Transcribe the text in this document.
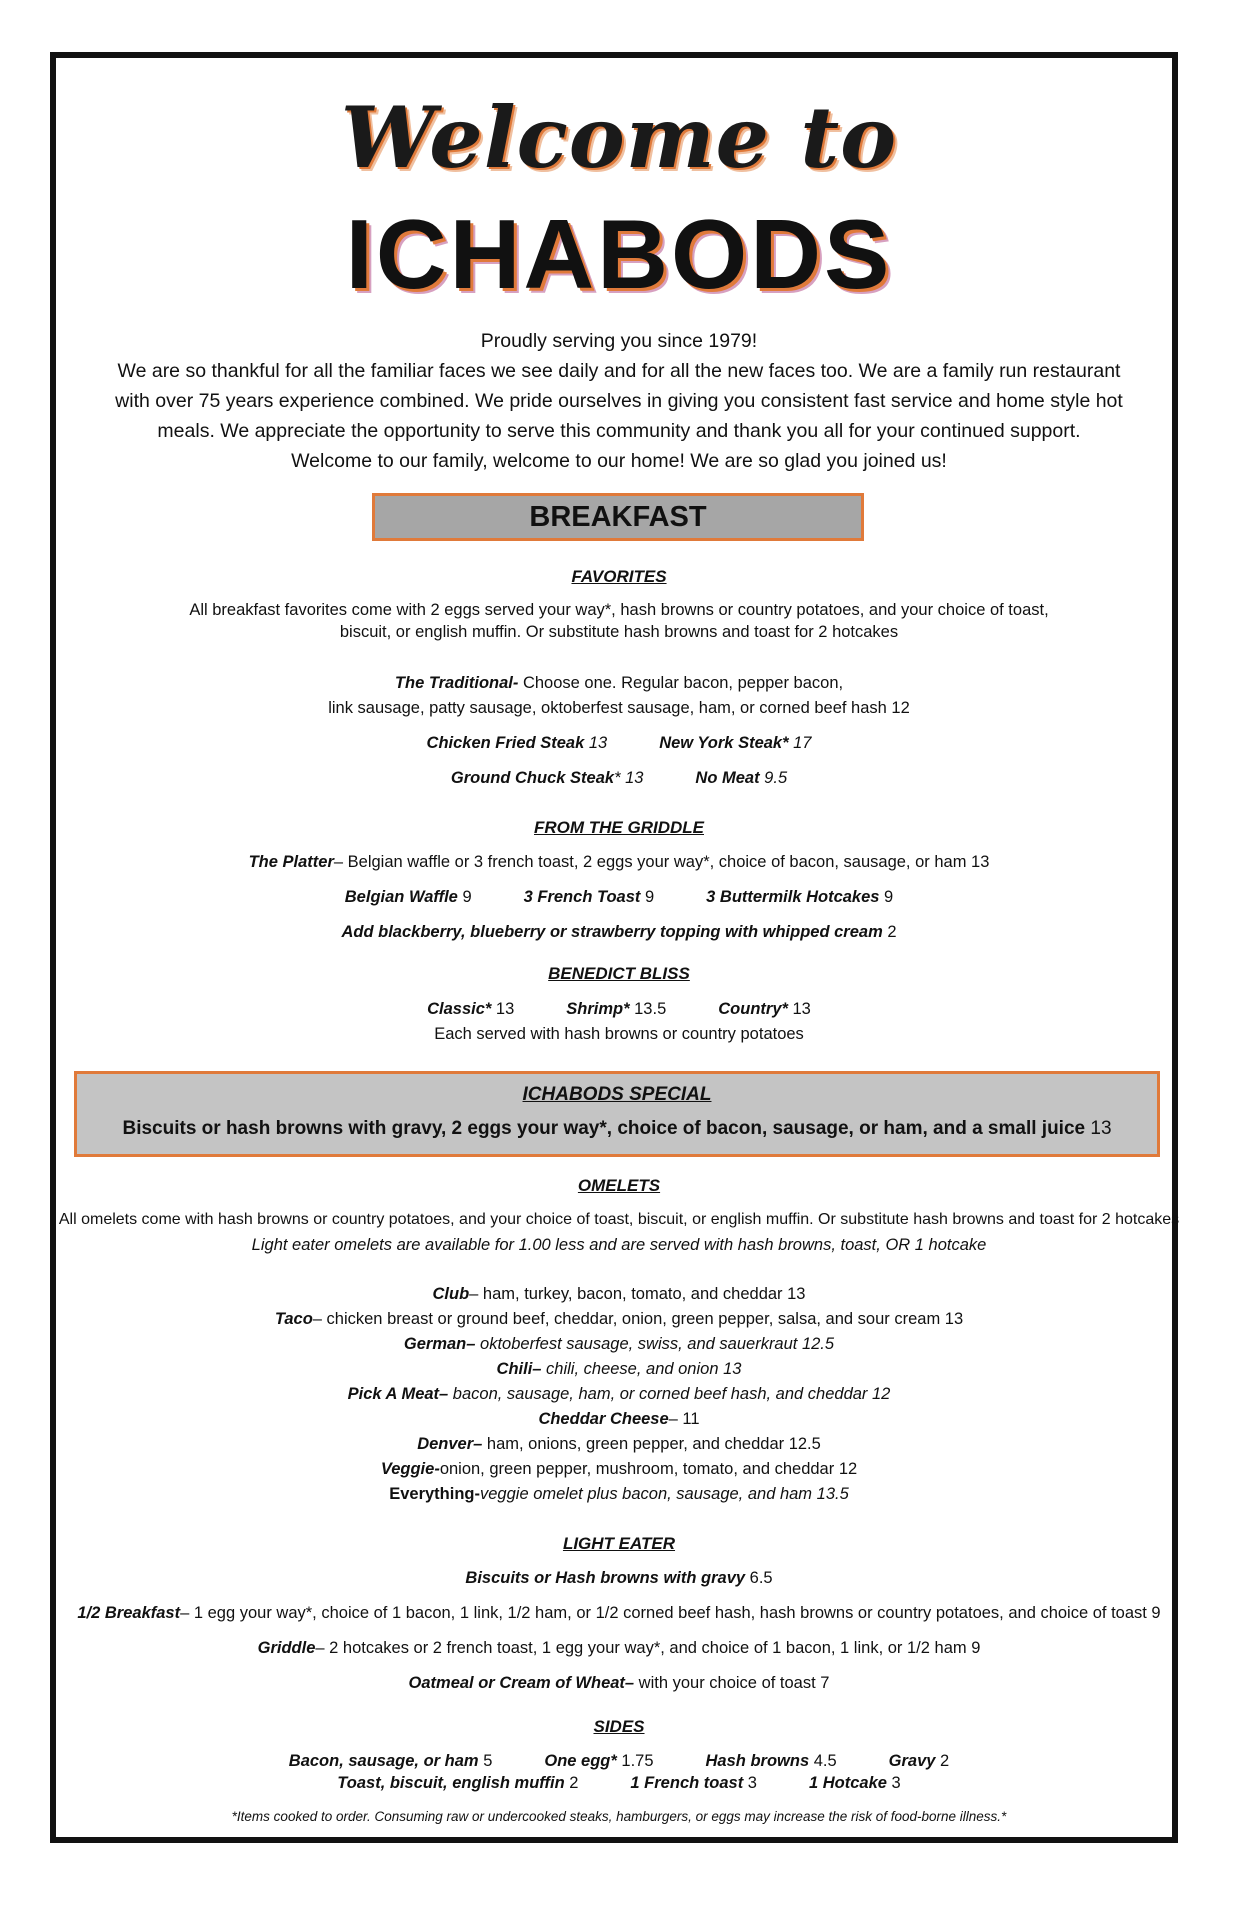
Welcome to
ICHABODS
Proudly serving you since 1979!
We are so thankful for all the familiar faces we see daily and for all the new faces too. We are a family run restaurant
with over 75 years experience combined. We pride ourselves in giving you consistent fast service and home style hot
meals. We appreciate the opportunity to serve this community and thank you all for your continued support.
Welcome to our family, welcome to our home! We are so glad you joined us!
BREAKFAST
FAVORITES
All breakfast favorites come with 2 eggs served your way*, hash browns or country potatoes, and your choice of toast,
biscuit, or english muffin. Or substitute hash browns and toast for 2 hotcakes
The Traditional- Choose one. Regular bacon, pepper bacon,
link sausage, patty sausage, oktoberfest sausage, ham, or corned beef hash 12
Chicken Fried Steak 13	New York Steak* 17
Ground Chuck Steak* 13	No Meat 9.5
FROM THE GRIDDLE
The Platter– Belgian waffle or 3 french toast, 2 eggs your way*, choice of bacon, sausage, or ham 13
Belgian Waffle 9	3 French Toast 9	3 Buttermilk Hotcakes 9
Add blackberry, blueberry or strawberry topping with whipped cream 2
BENEDICT BLISS
Classic* 13	Shrimp* 13.5	Country* 13
Each served with hash browns or country potatoes
ICHABODS SPECIAL
Biscuits or hash browns with gravy, 2 eggs your way*, choice of bacon, sausage, or ham, and a small juice 13
OMELETS
All omelets come with hash browns or country potatoes, and your choice of toast, biscuit, or english muffin. Or substitute hash browns and toast for 2 hotcakes
Light eater omelets are available for 1.00 less and are served with hash browns, toast, OR 1 hotcake
Club– ham, turkey, bacon, tomato, and cheddar 13
Taco– chicken breast or ground beef, cheddar, onion, green pepper, salsa, and sour cream 13
German– oktoberfest sausage, swiss, and sauerkraut 12.5
Chili– chili, cheese, and onion 13
Pick A Meat– bacon, sausage, ham, or corned beef hash, and cheddar 12
Cheddar Cheese– 11
Denver– ham, onions, green pepper, and cheddar 12.5
Veggie-onion, green pepper, mushroom, tomato, and cheddar 12
Everything-veggie omelet plus bacon, sausage, and ham 13.5
LIGHT EATER
Biscuits or Hash browns with gravy 6.5
1/2 Breakfast– 1 egg your way*, choice of 1 bacon, 1 link, 1/2 ham, or 1/2 corned beef hash, hash browns or country potatoes, and choice of toast 9
Griddle– 2 hotcakes or 2 french toast, 1 egg your way*, and choice of 1 bacon, 1 link, or 1/2 ham 9
Oatmeal or Cream of Wheat– with your choice of toast 7
SIDES
Bacon, sausage, or ham 5	One egg* 1.75	Hash browns 4.5	Gravy 2
Toast, biscuit, english muffin 2	1 French toast 3	1 Hotcake 3
*Items cooked to order. Consuming raw or undercooked steaks, hamburgers, or eggs may increase the risk of food-borne illness.*
